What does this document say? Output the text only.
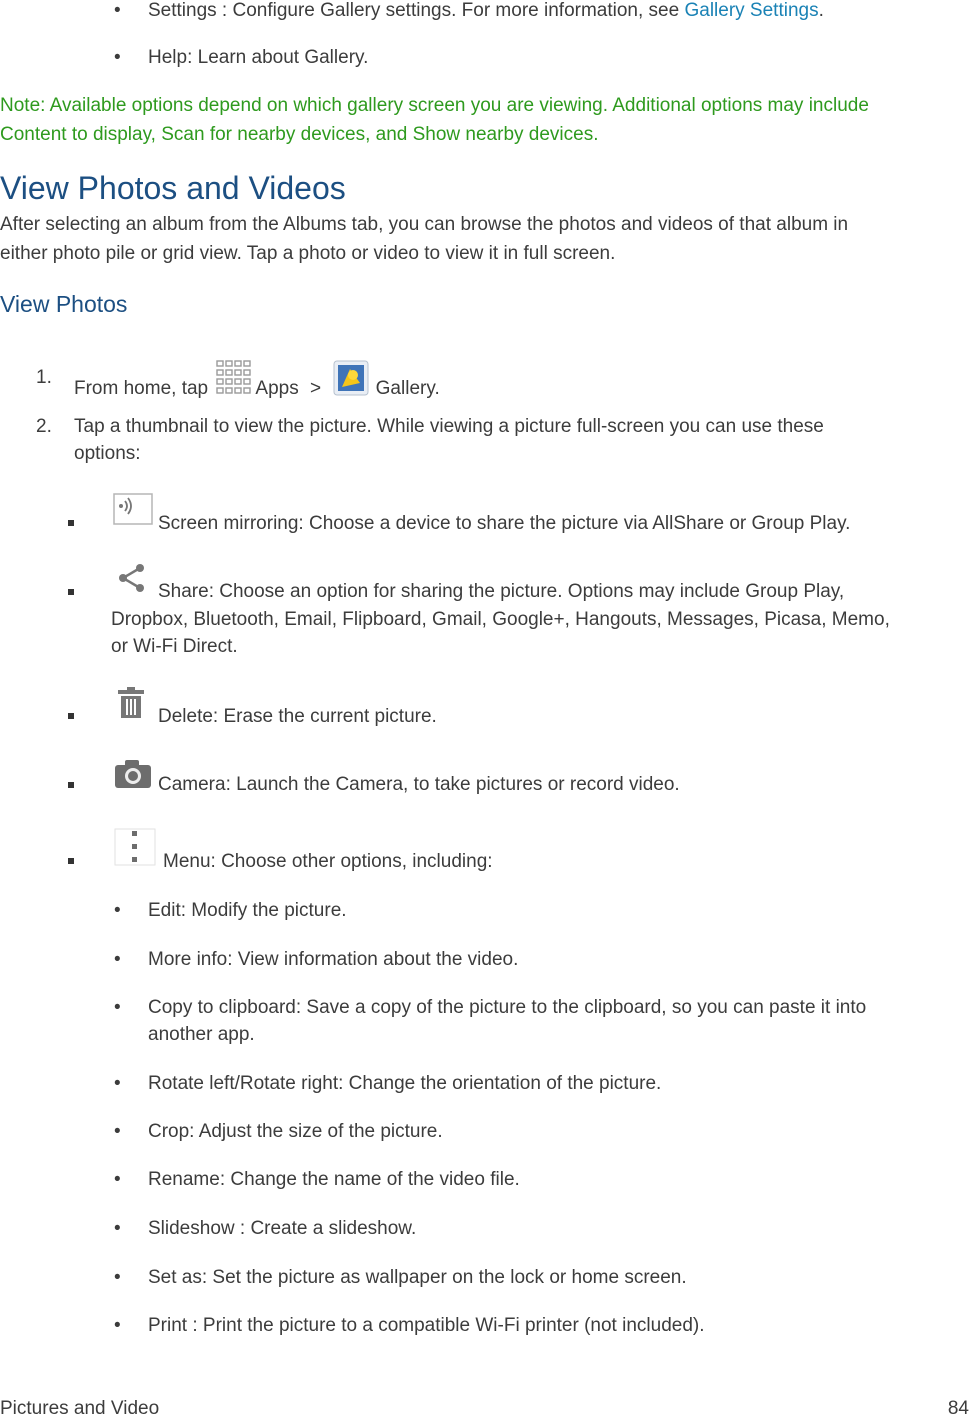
• Settings : Configure Gallery settings. For more information, see Gallery Settings.
• Help: Learn about Gallery.
Note: Available options depend on which gallery screen you are viewing. Additional options may include
Content to display, Scan for nearby devices, and Show nearby devices.
View Photos and Videos
After selecting an album from the Albums tab, you can browse the photos and videos of that album in
either photo pile or grid view. Tap a photo or video to view it in full screen.
View Photos
1.
From home, tap Apps >	Gallery.
2. Tap a thumbnail to view the picture. While viewing a picture full-screen you can use these
options:
Screen mirroring: Choose a device to share the picture via AllShare or Group Play.
Share: Choose an option for sharing the picture. Options may include Group Play,
Dropbox, Bluetooth, Email, Flipboard, Gmail, Google+, Hangouts, Messages, Picasa, Memo,
or Wi-Fi Direct.
Delete: Erase the current picture.
Camera: Launch the Camera, to take pictures or record video.
Menu: Choose other options, including:
• Edit: Modify the picture.
• More info: View information about the video.
• Copy to clipboard: Save a copy of the picture to the clipboard, so you can paste it into
another app.
• Rotate left/Rotate right: Change the orientation of the picture.
• Crop: Adjust the size of the picture.
• Rename: Change the name of the video file.
• Slideshow : Create a slideshow.
• Set as: Set the picture as wallpaper on the lock or home screen.
• Print : Print the picture to a compatible Wi-Fi printer (not included).
Pictures and Video	84
